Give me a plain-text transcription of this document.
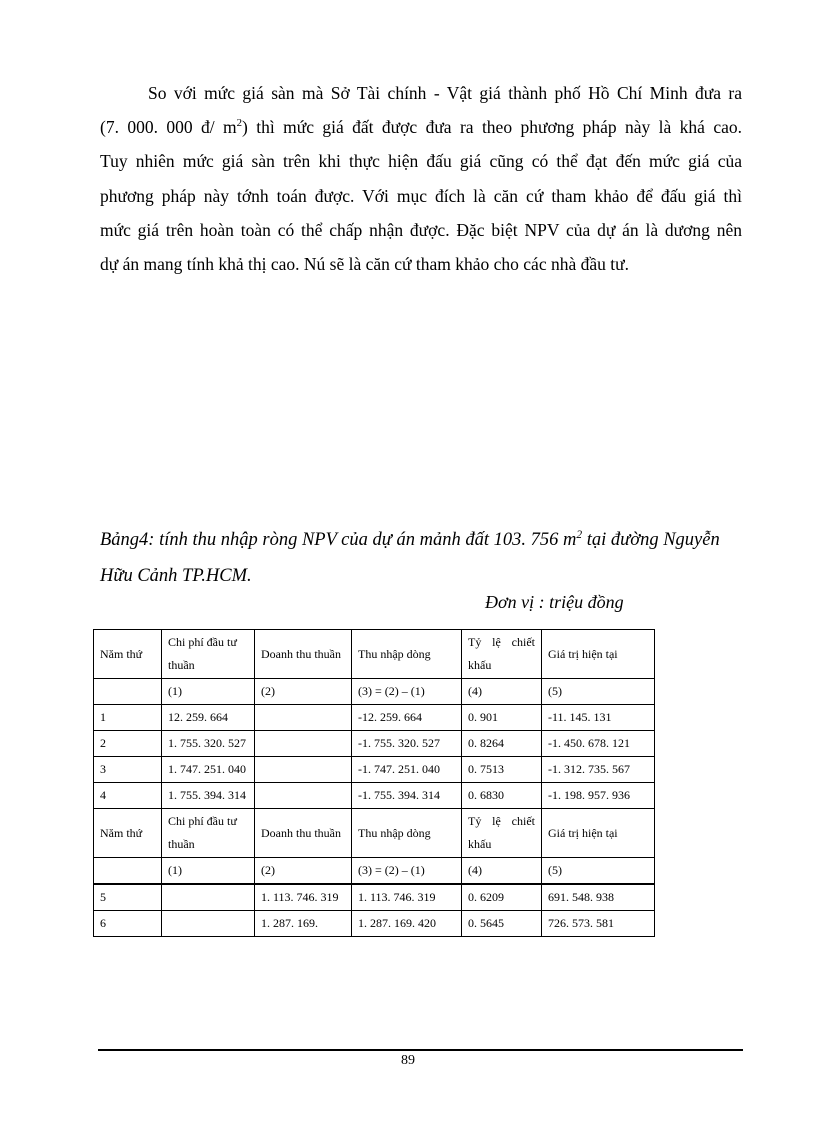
So với mức giá sàn mà Sở Tài chính - Vật giá thành phố Hồ Chí Minh đưa ra
(7. 000. 000 đ/ $m^2$) thì mức giá đất được đưa ra theo phương pháp này là khá cao.
Tuy nhiên mức giá sàn trên khi thực hiện đấu giá cũng có thể đạt đến mức giá của
phương pháp này tớnh toán được. Với mục đích là căn cứ tham khảo để đấu giá thì
mức giá trên hoàn toàn có thể chấp nhận được. Đặc biệt NPV của dự án là dương nên
dự án mang tính khả thị cao. Nú sẽ là căn cứ tham khảo cho các nhà đầu tư.

Bảng4: tính thu nhập ròng NPV của dự án mảnh đất 103. 756 $m^2$ tại đường Nguyễn Hữu Cảnh TP.HCM.
Đơn vị : triệu đồng
Năm thứ	Chi phí đầu tư thuần	Doanh thu thuần	Thu nhập dòng	Tỷ lệ chiết khấu	Giá trị hiện tại
	(1)	(2)	(3) = (2) – (1)	(4)	(5)
1	12. 259. 664		-12. 259. 664	0. 901	-11. 145. 131
2	1. 755. 320. 527		-1. 755. 320. 527	0. 8264	-1. 450. 678. 121
3	1. 747. 251. 040		-1. 747. 251. 040	0. 7513	-1. 312. 735. 567
4	1. 755. 394. 314		-1. 755. 394. 314	0. 6830	-1. 198. 957. 936
Năm thứ	Chi phí đầu tư thuần	Doanh thu thuần	Thu nhập dòng	Tỷ lệ chiết khấu	Giá trị hiện tại
	(1)	(2)	(3) = (2) – (1)	(4)	(5)
5		1. 113. 746. 319	1. 113. 746. 319	0. 6209	691. 548. 938
6		1. 287. 169.	1. 287. 169. 420	0. 5645	726. 573. 581
89
